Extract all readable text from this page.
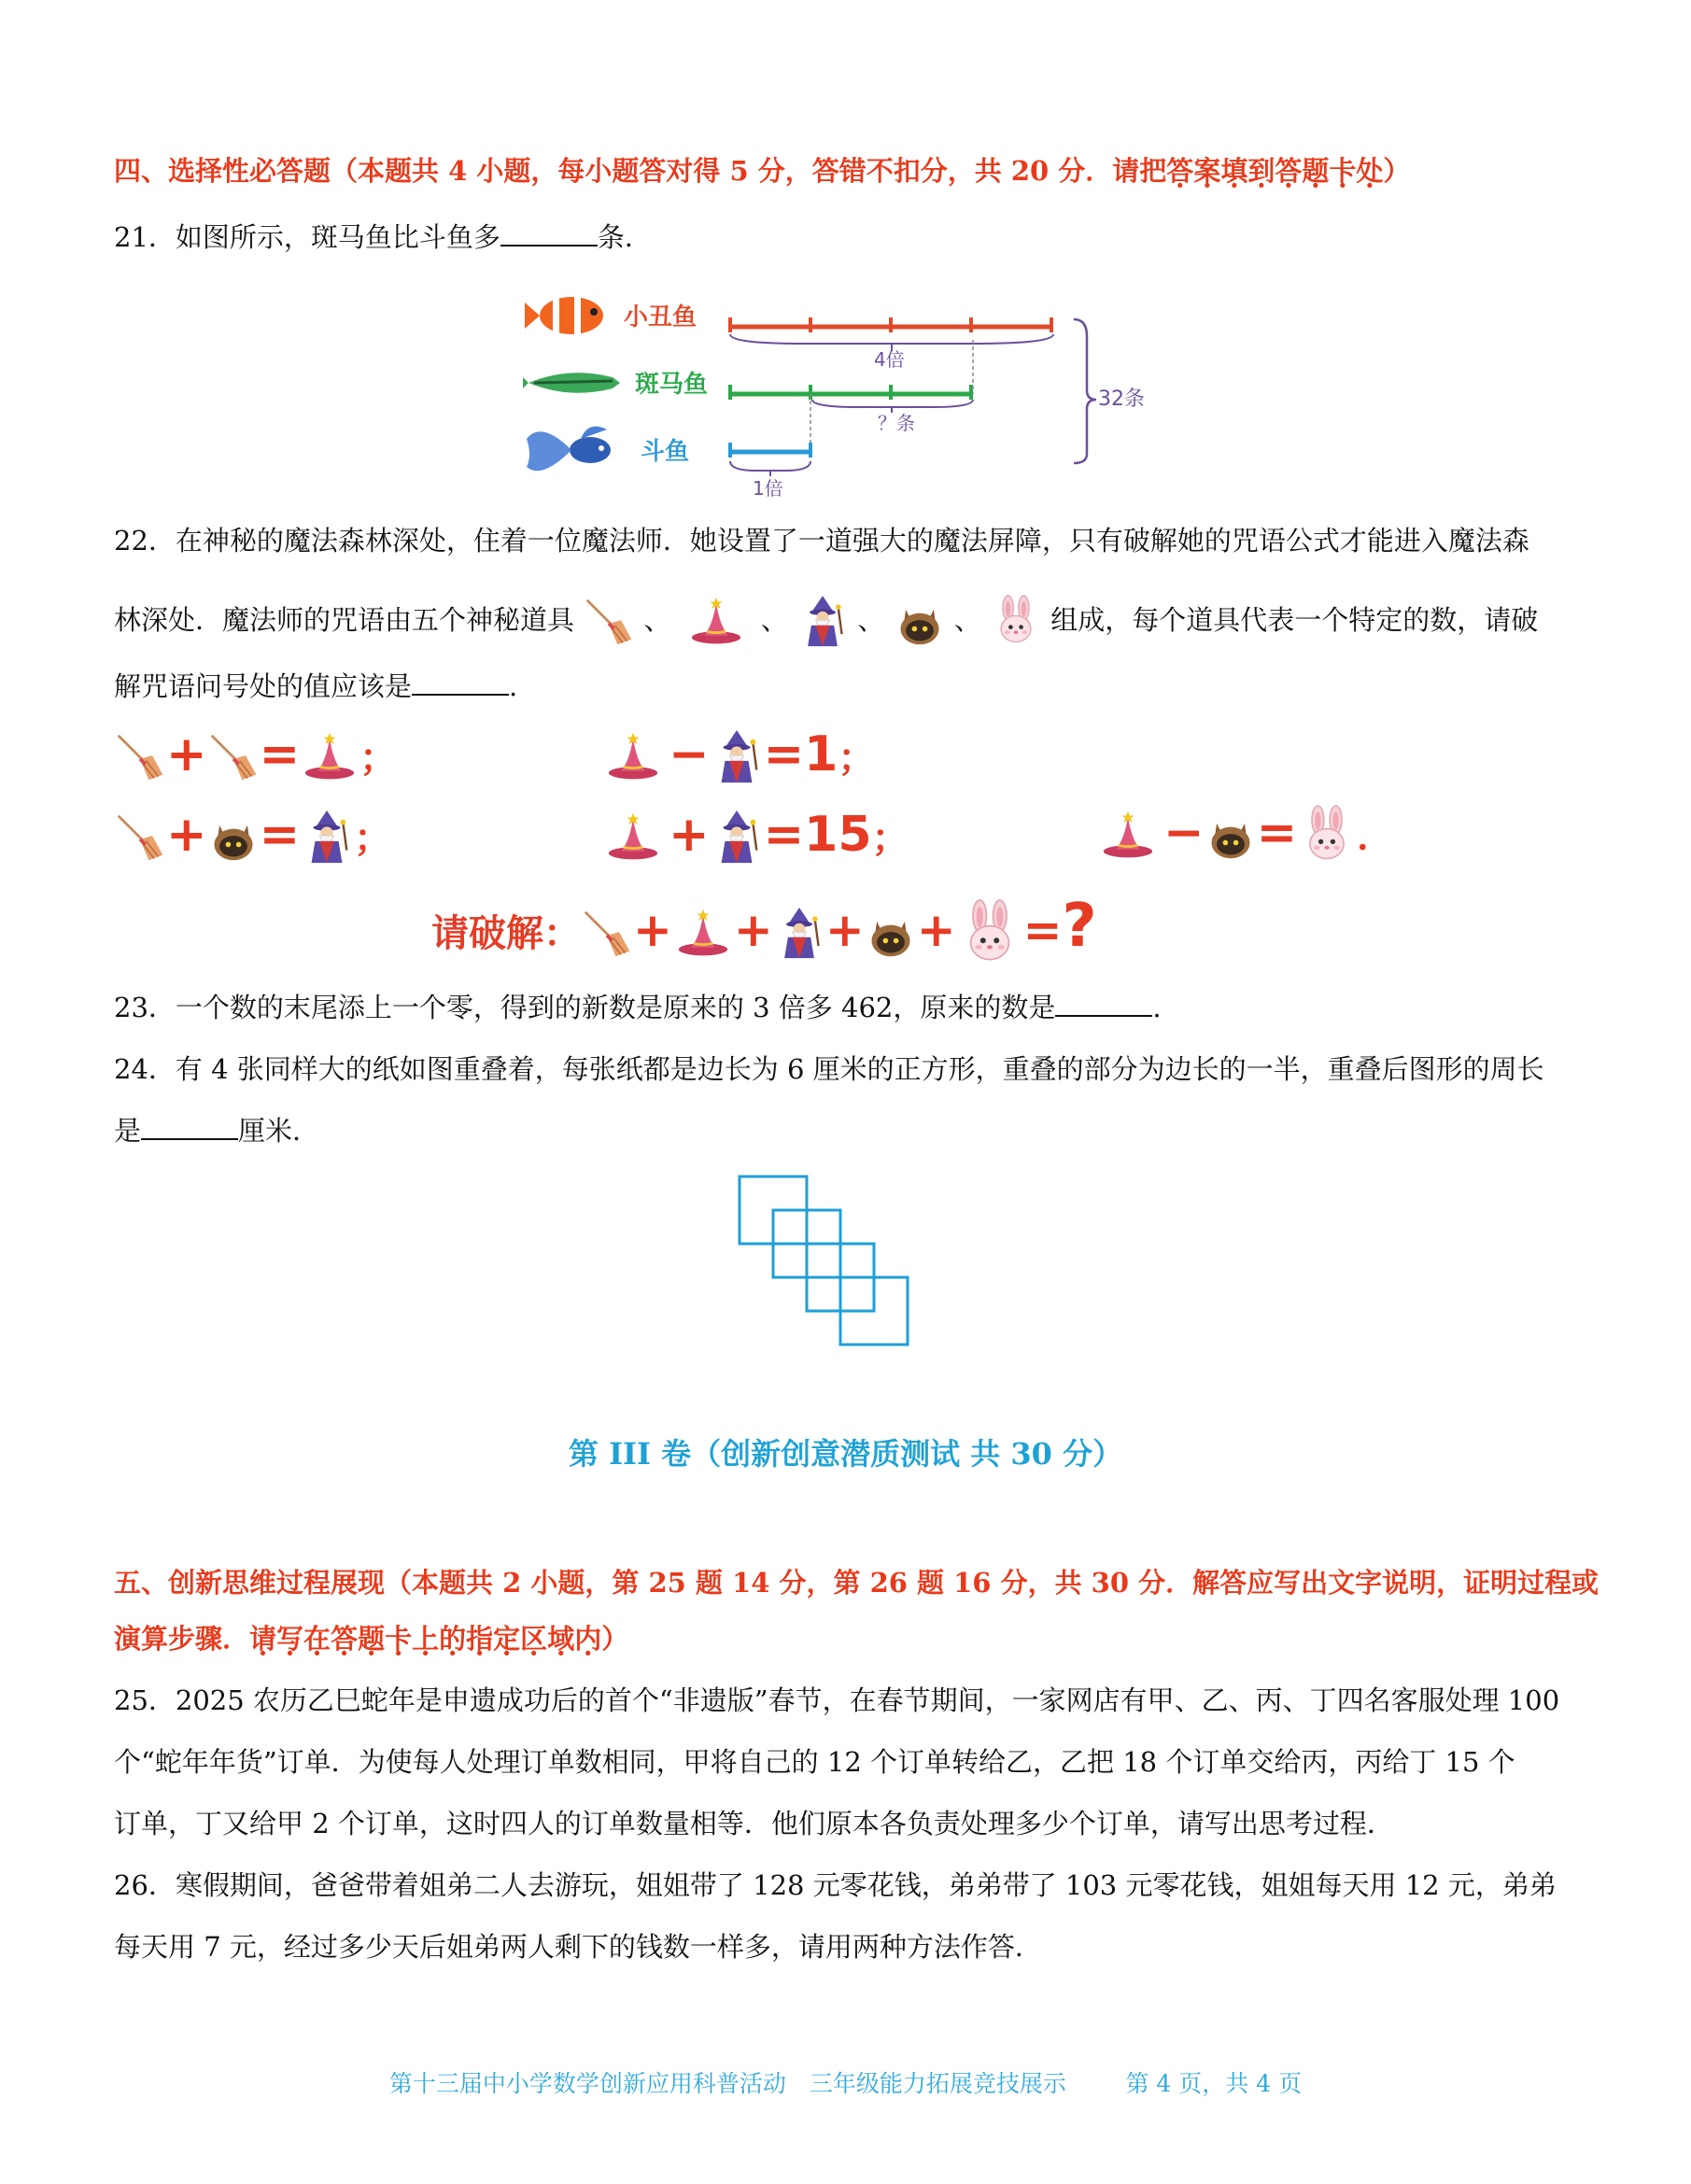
四、选择性必答题（本题共 4 小题，每小题答对得 5 分，答错不扣分，共 20 分．请把答案填到答题卡处）
21．如图所示，斑马鱼比斗鱼多	条．
小丑鱼
4倍
斑马鱼
？条
斗鱼
1倍
32条
22．在神秘的魔法森林深处，住着一位魔法师．她设置了一道强大的魔法屏障，只有破解她的咒语公式才能进入魔法森
林深处．魔法师的咒语由五个神秘道具	、	、	、	、	组成，每个道具代表一个特定的数，请破
解咒语问号处的值应该是	.
+ = ；	− =1；
+ = ；	+ =15；	− = ．
请破解： + + + + =?
23．一个数的末尾添上一个零，得到的新数是原来的 3 倍多 462，原来的数是	.
24．有 4 张同样大的纸如图重叠着，每张纸都是边长为 6 厘米的正方形，重叠的部分为边长的一半，重叠后图形的周长
是	厘米．
第 III 卷（创新创意潜质测试 共 30 分）
五、创新思维过程展现（本题共 2 小题，第 25 题 14 分，第 26 题 16 分，共 30 分．解答应写出文字说明，证明过程或
演算步骤．请写在答题卡上的指定区域内）
25．2025 农历乙巳蛇年是申遗成功后的首个“非遗版”春节，在春节期间，一家网店有甲、乙、丙、丁四名客服处理 100
个“蛇年年货”订单．为使每人处理订单数相同，甲将自己的 12 个订单转给乙，乙把 18 个订单交给丙，丙给丁 15 个
订单，丁又给甲 2 个订单，这时四人的订单数量相等．他们原本各负责处理多少个订单，请写出思考过程．
26．寒假期间，爸爸带着姐弟二人去游玩，姐姐带了 128 元零花钱，弟弟带了 103 元零花钱，姐姐每天用 12 元，弟弟
每天用 7 元，经过多少天后姐弟两人剩下的钱数一样多，请用两种方法作答．
第十三届中小学数学创新应用科普活动　三年级能力拓展竞技展示	第 4 页，共 4 页
